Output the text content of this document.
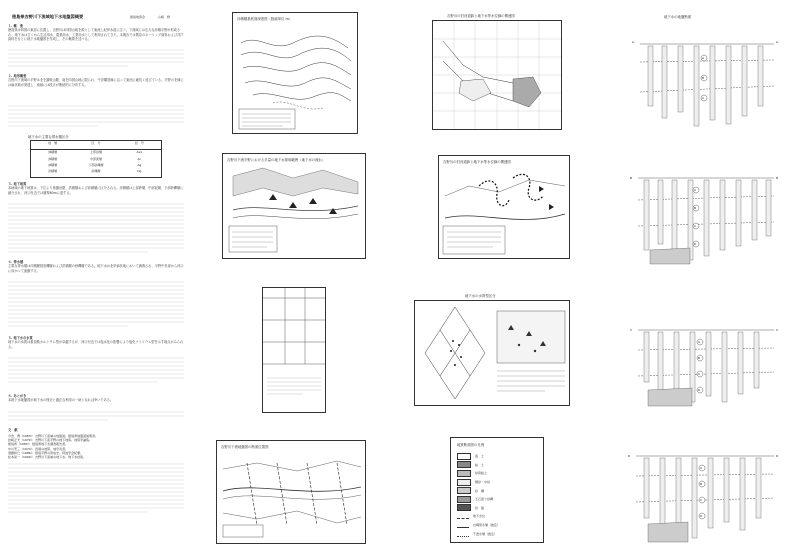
徳島県吉野川下流域地下水地盤図概要	徳島地質会	山崎　修
１. 概　要
徳島県は四国の東部に位置し、吉野川は四国山地を源として東流し紀伊水道に注ぐ。下流域には広大な沖積平野が形成され、地下水は古くから生活用水、農業用水、工業用水として利用されてきた。本報告では既存のボーリング資料および井戸資料をもとに地下水地盤図を作成し、その概要を述べる。
２. 地形概要
吉野川下流域の平野は北を讃岐山脈、南を四国山地に限られ、中央構造線に沿って東西に細長く延びている。平野の北縁には扇状地が発達し、南縁には段丘が断続的に分布する。
地下水の主要な帯水層区分
地　層	区　分	記　号
沖積層	上部砂層	As1
沖積層	中部泥層	Ac
沖積層	下部砂礫層	Ag
洪積層	砂礫層	Dg
３. 地下地質
本地域の地下地質は、下位より基盤岩類、洪積層および沖積層に区分される。沖積層は上部砂層、中部泥層、下部砂礫層に細分され、河口付近では層厚60mに達する。
４. 帯水層
主要な帯水層は沖積層基底礫層および洪積層の砂礫層である。地下水は北岸扇状地において涵養され、平野中央部から河口に向かって流動する。
５. 地下水の水質
地下水の水質は重炭酸カルシウム型が卓越するが、河口付近では塩水化の影響により塩化ナトリウム型を示す地点がみられる。
６. あとがき
本地下水地盤図が地下水の保全と適正な利用の一助となれば幸いである。
文　献
今治　博（1983）：吉野川下流域の地盤図。徳島県地盤図説明書。
岩崎正夫（1979）：吉野川下流平野の地下地質。地質学論集。
徳島県（1983）：徳島県地下水調査報告書。
中川衷三（1974）：四国の地質。地学双書。
須鎗和巳（1986）：徳島平野の形成史。阿波学会紀要。
松本晃一（1990）：吉野川下流域の地下水。地下水技術。
沖積層基底面深度図（数値単位 m）
吉野川下流平野における多量の地下水採取範囲（地下水の流れ）
吉野川下流地盤図の断面位置図
吉野川の旧河道跡と地下水等水位線の関連図
吉野川の旧河道跡と地下水等水位線の関連図
地下水の水質型区分
地質断面図の凡例
盛　土
粘　土
砂質粘土
細砂・中砂
砂　礫
玉石混り砂礫
岩　盤
地下水位
自噴帯水層（推定）
不透水層（推定）
地下水の地盤断面
A	A
A
B
C
B	B
A
B
C
D
C	C
A
B
C
D
D	D
A
B
C
D
